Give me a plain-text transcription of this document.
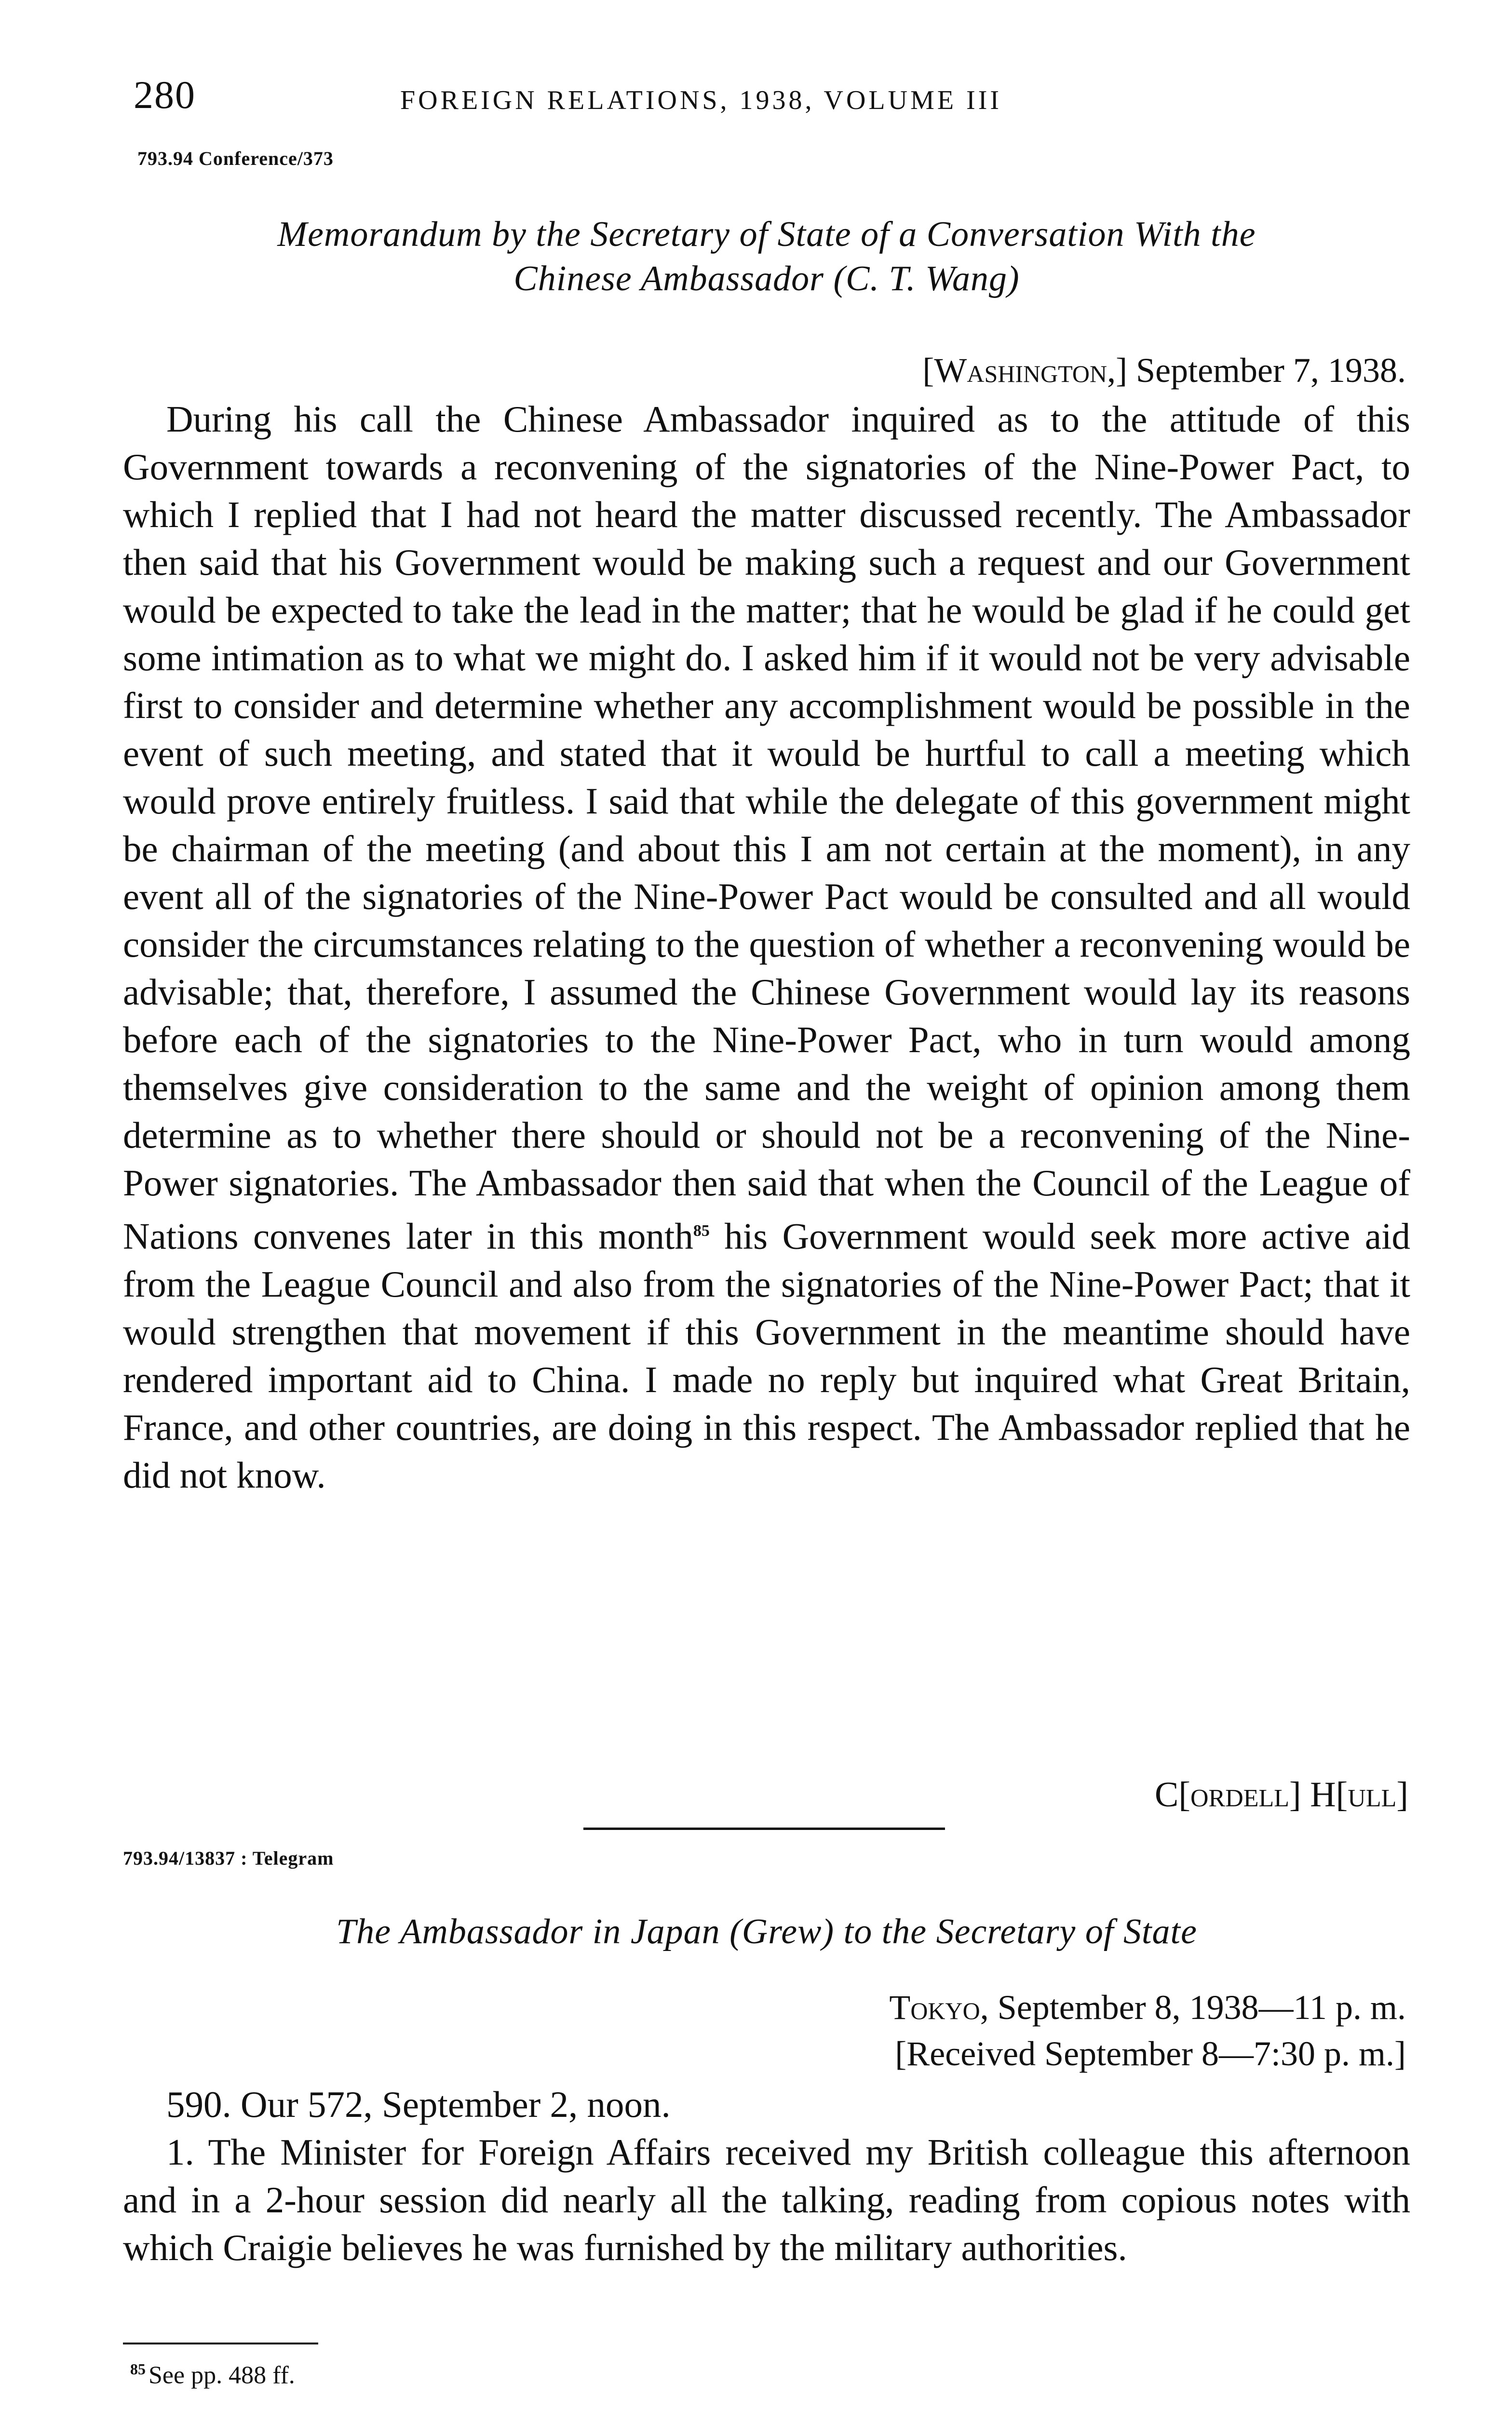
280	FOREIGN RELATIONS, 1938, VOLUME III
793.94 Conference/373
Memorandum by the Secretary of State of a Conversation With the
Chinese Ambassador (C. T. Wang)
[Washington,] September 7, 1938.

During his call the Chinese Ambassador inquired as to the attitude of this Government towards a reconvening of the signatories of the Nine-Power Pact, to which I replied that I had not heard the matter discussed recently. The Ambassador then said that his Government would be making such a request and our Government would be expected to take the lead in the matter; that he would be glad if he could get some intimation as to what we might do. I asked him if it would not be very advisable first to consider and determine whether any accomplishment would be possible in the event of such meeting, and stated that it would be hurtful to call a meeting which would prove entirely fruitless. I said that while the delegate of this government might be chairman of the meeting (and about this I am not certain at the moment), in any event all of the signatories of the Nine-Power Pact would be consulted and all would consider the circumstances relating to the question of whether a reconvening would be advisable; that, therefore, I assumed the Chinese Government would lay its reasons before each of the signatories to the Nine-Power Pact, who in turn would among themselves give consideration to the same and the weight of opinion among them determine as to whether there should or should not be a reconvening of the Nine-Power signatories. The Ambassador then said that when the Council of the League of Nations convenes later in this month$^{85}$ his Government would seek more active aid from the League Council and also from the signatories of the Nine-Power Pact; that it would strengthen that movement if this Government in the meantime should have rendered important aid to China. I made no reply but inquired what Great Britain, France, and other countries, are doing in this respect. The Ambassador replied that he did not know.

C[ordell] H[ull]
793.94/13837 : Telegram
The Ambassador in Japan (Grew) to the Secretary of State
Tokyo, September 8, 1938—11 p. m.
[Received September 8—7:30 p. m.]

590. Our 572, September 2, noon.

1. The Minister for Foreign Affairs received my British colleague this afternoon and in a 2-hour session did nearly all the talking, reading from copious notes with which Craigie believes he was furnished by the military authorities.

$^{85}$ See pp. 488 ff.
